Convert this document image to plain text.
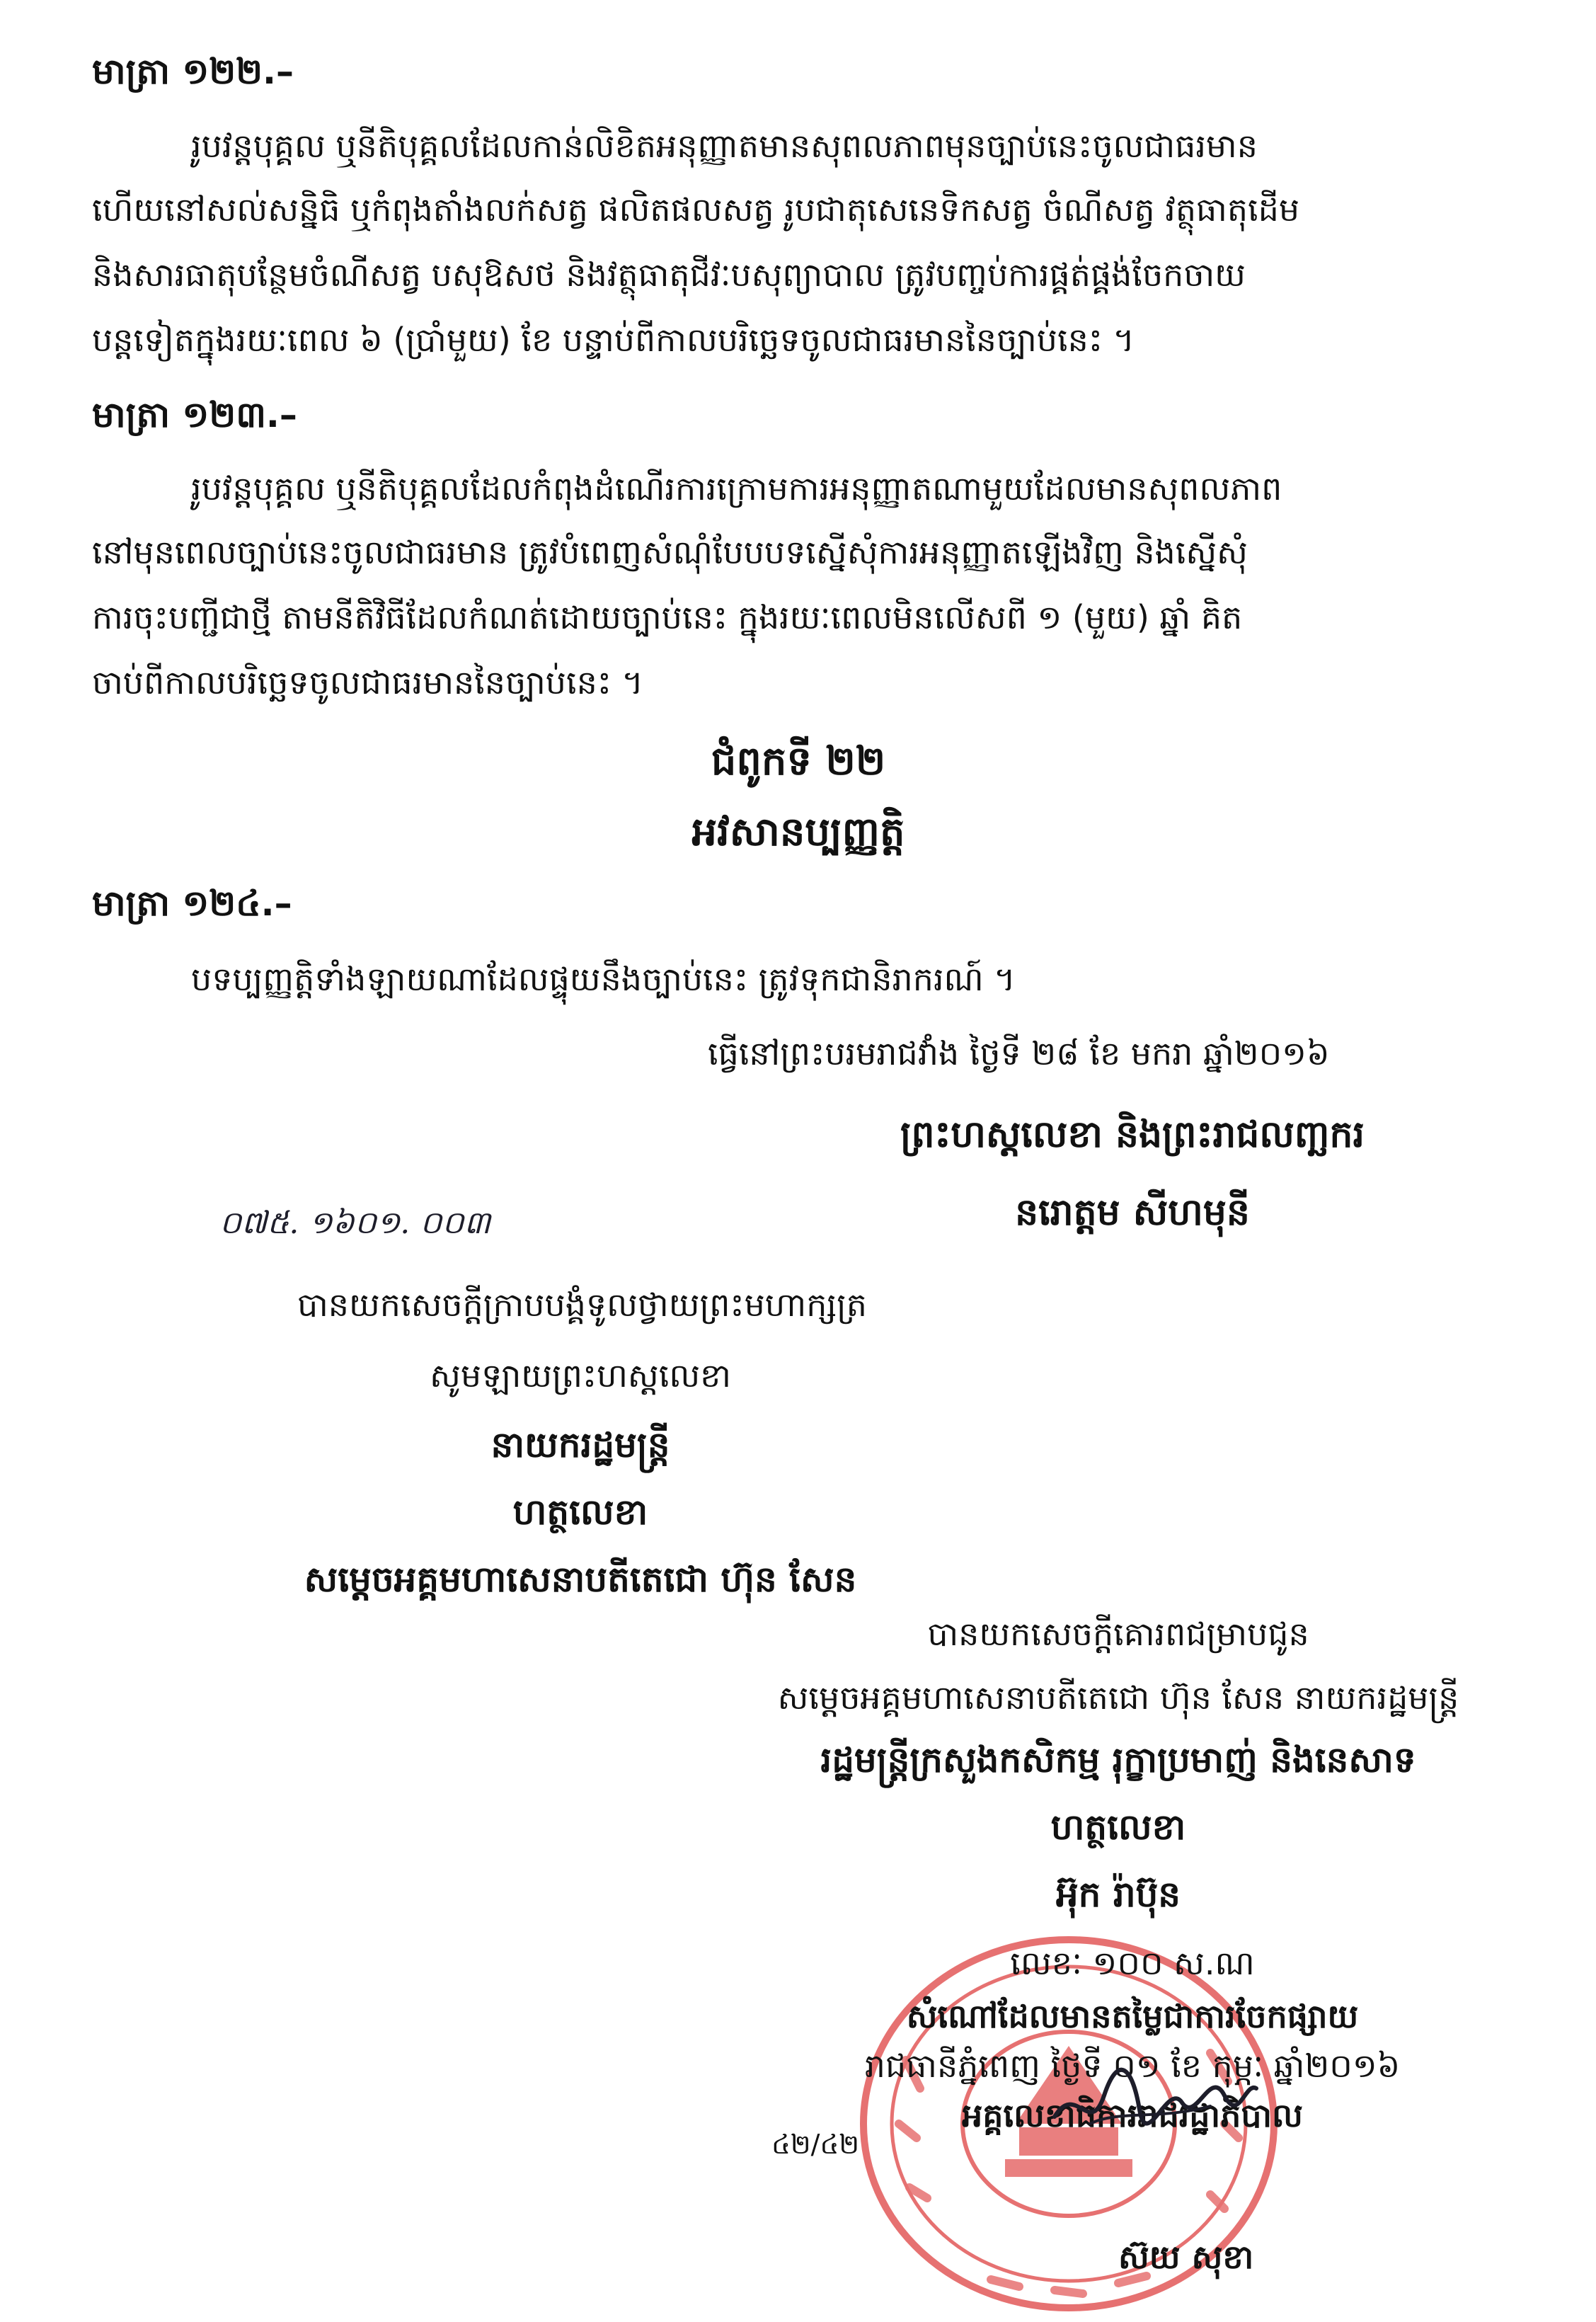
មាត្រា ១២២.–
រូបវន្តបុគ្គល ឬនីតិបុគ្គលដែលកាន់លិខិតអនុញ្ញាតមានសុពលភាពមុនច្បាប់នេះចូលជាធរមាន
ហើយនៅសល់សន្និធិ ឬកំពុងតាំងលក់សត្វ ផលិតផលសត្វ រូបជាតុសេនេទិកសត្វ ចំណីសត្វ វត្ថុធាតុដើម
និងសារធាតុបន្ថែមចំណីសត្វ បសុឱសថ និងវត្ថុធាតុជីវៈបសុព្យាបាល ត្រូវបញ្ចប់ការផ្គត់ផ្គង់ចែកចាយ
បន្តទៀតក្នុងរយៈពេល ៦ (ប្រាំមួយ) ខែ បន្ទាប់ពីកាលបរិច្ឆេទចូលជាធរមាននៃច្បាប់នេះ ។
មាត្រា ១២៣.–
រូបវន្តបុគ្គល ឬនីតិបុគ្គលដែលកំពុងដំណើរការក្រោមការអនុញ្ញាតណាមួយដែលមានសុពលភាព
នៅមុនពេលច្បាប់នេះចូលជាធរមាន ត្រូវបំពេញសំណុំបែបបទស្នើសុំការអនុញ្ញាតឡើងវិញ និងស្នើសុំ
ការចុះបញ្ជីជាថ្មី តាមនីតិវិធីដែលកំណត់ដោយច្បាប់នេះ ក្នុងរយៈពេលមិនលើសពី ១ (មួយ) ឆ្នាំ គិត
ចាប់ពីកាលបរិច្ឆេទចូលជាធរមាននៃច្បាប់នេះ ។
ជំពូកទី ២២
អវសានប្បញ្ញត្តិ
មាត្រា ១២៤.–
បទប្បញ្ញត្តិទាំងឡាយណាដែលផ្ទុយនឹងច្បាប់នេះ ត្រូវទុកជានិរាករណ៍ ។
ធ្វើនៅព្រះបរមរាជវាំង ថ្ងៃទី ២៨ ខែ មករា ឆ្នាំ២០១៦
ព្រះហស្តលេខា និងព្រះរាជលញ្ឆករ
នរោត្តម សីហមុនី
០៧៥. ១៦០១. ០០៣
បានយកសេចក្តីក្រាបបង្គំទូលថ្វាយព្រះមហាក្សត្រ
សូមឡាយព្រះហស្តលេខា
នាយករដ្ឋមន្ត្រី
ហត្ថលេខា
សម្តេចអគ្គមហាសេនាបតីតេជោ ហ៊ុន សែន
បានយកសេចក្តីគោរពជម្រាបជូន
សម្តេចអគ្គមហាសេនាបតីតេជោ ហ៊ុន សែន នាយករដ្ឋមន្ត្រី
រដ្ឋមន្ត្រីក្រសួងកសិកម្ម រុក្ខាប្រមាញ់ និងនេសាទ
ហត្ថលេខា
អ៊ុក រ៉ាប៊ុន
លេខៈ ១០០ ស.ណ
សំណៅដែលមានតម្លៃជាការចែកផ្សាយ
រាជធានីភ្នំពេញ ថ្ងៃទី ០១ ខែ កុម្ភៈ ឆ្នាំ២០១៦
អគ្គលេខាធិការរាជរដ្ឋាភិបាល
៤២/៤២
ស៊យ សុខា
